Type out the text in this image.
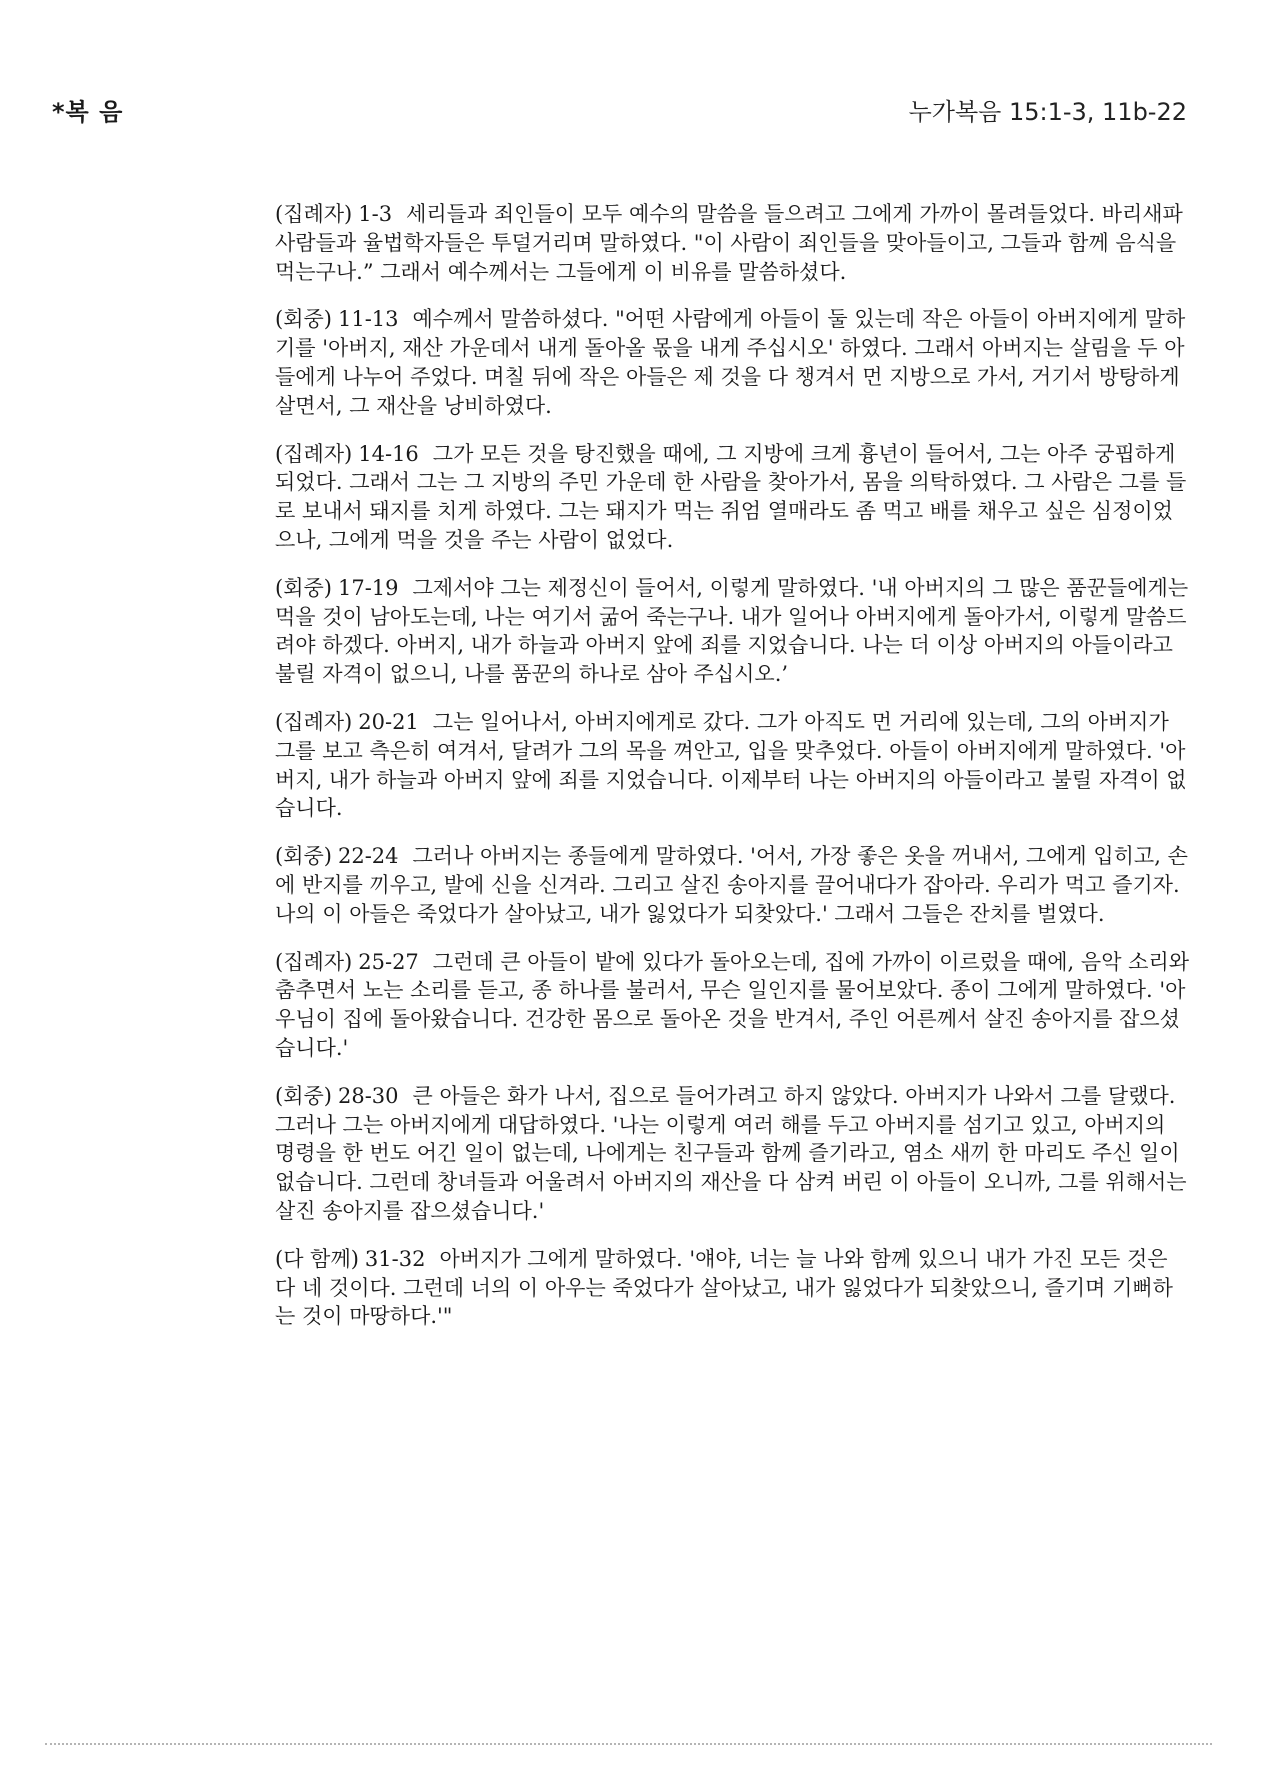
*복 음	누가복음 15:1-3, 11b-22

(집례자) 1-3 세리들과 죄인들이 모두 예수의 말씀을 들으려고 그에게 가까이 몰려들었다. 바리새파 사람들과 율법학자들은 투덜거리며 말하였다. "이 사람이 죄인들을 맞아들이고, 그들과 함께 음식을 먹는구나.” 그래서 예수께서는 그들에게 이 비유를 말씀하셨다.

(회중) 11-13 예수께서 말씀하셨다. "어떤 사람에게 아들이 둘 있는데 작은 아들이 아버지에게 말하기를 '아버지, 재산 가운데서 내게 돌아올 몫을 내게 주십시오' 하였다. 그래서 아버지는 살림을 두 아들에게 나누어 주었다. 며칠 뒤에 작은 아들은 제 것을 다 챙겨서 먼 지방으로 가서, 거기서 방탕하게 살면서, 그 재산을 낭비하였다.

(집례자) 14-16 그가 모든 것을 탕진했을 때에, 그 지방에 크게 흉년이 들어서, 그는 아주 궁핍하게 되었다. 그래서 그는 그 지방의 주민 가운데 한 사람을 찾아가서, 몸을 의탁하였다. 그 사람은 그를 들로 보내서 돼지를 치게 하였다. 그는 돼지가 먹는 쥐엄 열매라도 좀 먹고 배를 채우고 싶은 심정이었으나, 그에게 먹을 것을 주는 사람이 없었다.

(회중) 17-19 그제서야 그는 제정신이 들어서, 이렇게 말하였다. '내 아버지의 그 많은 품꾼들에게는 먹을 것이 남아도는데, 나는 여기서 굶어 죽는구나. 내가 일어나 아버지에게 돌아가서, 이렇게 말씀드려야 하겠다. 아버지, 내가 하늘과 아버지 앞에 죄를 지었습니다. 나는 더 이상 아버지의 아들이라고 불릴 자격이 없으니, 나를 품꾼의 하나로 삼아 주십시오.’

(집례자) 20-21 그는 일어나서, 아버지에게로 갔다. 그가 아직도 먼 거리에 있는데, 그의 아버지가 그를 보고 측은히 여겨서, 달려가 그의 목을 껴안고, 입을 맞추었다. 아들이 아버지에게 말하였다. '아버지, 내가 하늘과 아버지 앞에 죄를 지었습니다. 이제부터 나는 아버지의 아들이라고 불릴 자격이 없습니다.

(회중) 22-24 그러나 아버지는 종들에게 말하였다. '어서, 가장 좋은 옷을 꺼내서, 그에게 입히고, 손에 반지를 끼우고, 발에 신을 신겨라. 그리고 살진 송아지를 끌어내다가 잡아라. 우리가 먹고 즐기자. 나의 이 아들은 죽었다가 살아났고, 내가 잃었다가 되찾았다.' 그래서 그들은 잔치를 벌였다.

(집례자) 25-27 그런데 큰 아들이 밭에 있다가 돌아오는데, 집에 가까이 이르렀을 때에, 음악 소리와 춤추면서 노는 소리를 듣고, 종 하나를 불러서, 무슨 일인지를 물어보았다. 종이 그에게 말하였다. '아우님이 집에 돌아왔습니다. 건강한 몸으로 돌아온 것을 반겨서, 주인 어른께서 살진 송아지를 잡으셨습니다.'

(회중) 28-30 큰 아들은 화가 나서, 집으로 들어가려고 하지 않았다. 아버지가 나와서 그를 달랬다. 그러나 그는 아버지에게 대답하였다. '나는 이렇게 여러 해를 두고 아버지를 섬기고 있고, 아버지의 명령을 한 번도 어긴 일이 없는데, 나에게는 친구들과 함께 즐기라고, 염소 새끼 한 마리도 주신 일이 없습니다. 그런데 창녀들과 어울려서 아버지의 재산을 다 삼켜 버린 이 아들이 오니까, 그를 위해서는 살진 송아지를 잡으셨습니다.'

(다 함께) 31-32 아버지가 그에게 말하였다. '얘야, 너는 늘 나와 함께 있으니 내가 가진 모든 것은 다 네 것이다. 그런데 너의 이 아우는 죽었다가 살아났고, 내가 잃었다가 되찾았으니, 즐기며 기뻐하는 것이 마땅하다.'"
